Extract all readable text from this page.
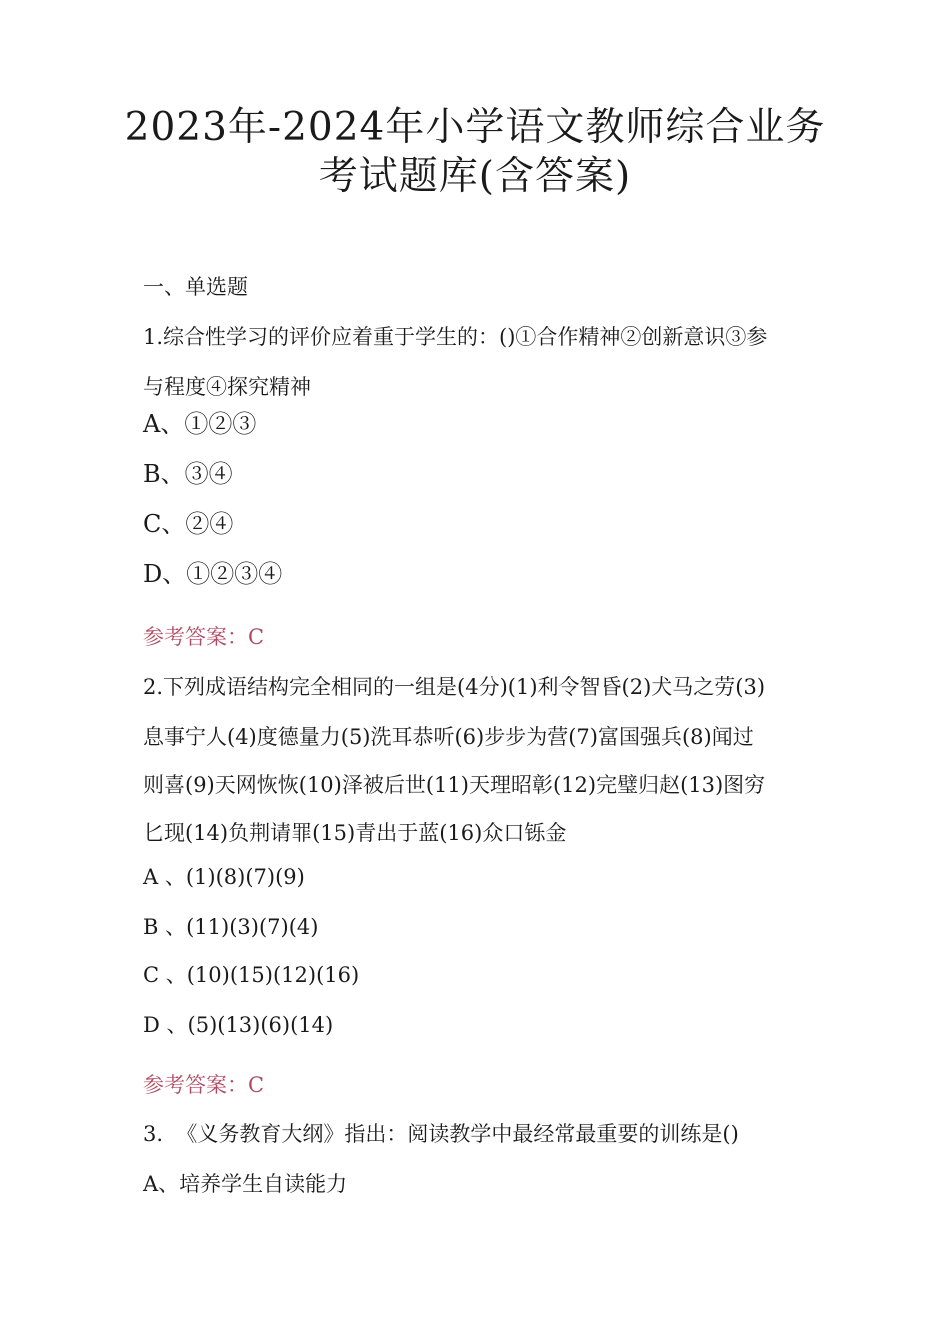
2023年-2024年小学语文教师综合业务
考试题库(含答案)
一、单选题
1.综合性学习的评价应着重于学生的：()①合作精神②创新意识③参
与程度④探究精神
A、①②③
B、③④
C、②④
D、①②③④
参考答案：C
2.下列成语结构完全相同的一组是(4分)(1)利令智昏(2)犬马之劳(3)
息事宁人(4)度德量力(5)洗耳恭听(6)步步为营(7)富国强兵(8)闻过
则喜(9)天网恢恢(10)泽被后世(11)天理昭彰(12)完璧归赵(13)图穷
匕现(14)负荆请罪(15)青出于蓝(16)众口铄金
A 、(1)(8)(7)(9)
B 、(11)(3)(7)(4)
C 、(10)(15)(12)(16)
D 、(5)(13)(6)(14)
参考答案：C
3.  《义务教育大纲》指出：阅读教学中最经常最重要的训练是()
A、培养学生自读能力
